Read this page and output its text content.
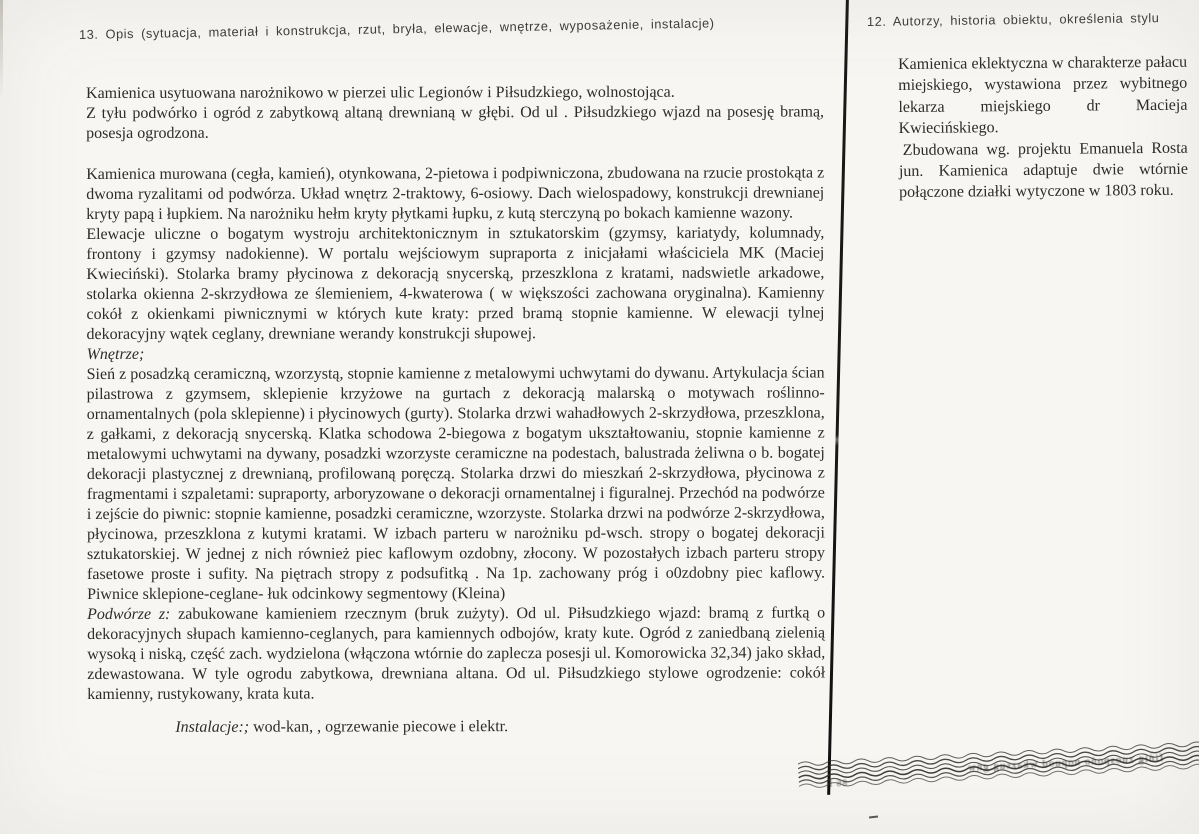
13. Opis (sytuacja, materiał i konstrukcja, rzut, bryła, elewacje, wnętrze, wyposażenie, instalacje)

Kamienica usytuowana narożnikowo w pierzei ulic Legionów i Piłsudzkiego, wolnostojąca.

Z tyłu podwórko i ogród z zabytkową altaną drewnianą w głębi. Od ul . Piłsudzkiego wjazd na posesję bramą, posesja ogrodzona.

Kamienica murowana (cegła, kamień), otynkowana, 2-pietowa i podpiwniczona, zbudowana na rzucie prostokąta z dwoma ryzalitami od podwórza. Układ wnętrz 2-traktowy, 6-osiowy. Dach wielospadowy, konstrukcji drewnianej kryty papą i łupkiem. Na narożniku hełm kryty płytkami łupku, z kutą sterczyną po bokach kamienne wazony.

Elewacje uliczne o bogatym wystroju architektonicznym in sztukatorskim (gzymsy, kariatydy, kolumnady, frontony i gzymsy nadokienne). W portalu wejściowym supraporta z inicjałami właściciela MK (Maciej Kwieciński). Stolarka bramy płycinowa z dekoracją snycerską, przeszklona z kratami, nadswietle arkadowe, stolarka okienna 2-skrzydłowa ze ślemieniem, 4-kwaterowa ( w większości zachowana oryginalna). Kamienny cokół z okienkami piwnicznymi w których kute kraty: przed bramą stopnie kamienne. W elewacji tylnej dekoracyjny wątek ceglany, drewniane werandy konstrukcji słupowej.

Wnętrze;

Sień z posadzką ceramiczną, wzorzystą, stopnie kamienne z metalowymi uchwytami do dywanu. Artykulacja ścian pilastrowa z gzymsem, sklepienie krzyżowe na gurtach z dekoracją malarską o motywach roślinno-ornamentalnych (pola sklepienne) i płycinowych (gurty). Stolarka drzwi wahadłowych 2-skrzydłowa, przeszklona, z gałkami, z dekoracją snycerską. Klatka schodowa 2-biegowa z bogatym ukształtowaniu, stopnie kamienne z metalowymi uchwytami na dywany, posadzki wzorzyste ceramiczne na podestach, balustrada żeliwna o b. bogatej dekoracji plastycznej z drewnianą, profilowaną poręczą. Stolarka drzwi do mieszkań 2-skrzydłowa, płycinowa z fragmentami i szpaletami: supraporty, arboryzowane o dekoracji ornamentalnej i figuralnej. Przechód na podwórze i zejście do piwnic: stopnie kamienne, posadzki ceramiczne, wzorzyste. Stolarka drzwi na podwórze 2-skrzydłowa, płycinowa, przeszklona z kutymi kratami. W izbach parteru w narożniku pd-wsch. stropy o bogatej dekoracji sztukatorskiej. W jednej z nich również piec kaflowym ozdobny, złocony. W pozostałych izbach parteru stropy fasetowe proste i sufity. Na piętrach stropy z podsufitką . Na 1p. zachowany próg i o0zdobny piec kaflowy. Piwnice sklepione-ceglane- łuk odcinkowy segmentowy (Kleina)

Podwórze z: zabukowane kamieniem rzecznym (bruk zużyty). Od ul. Piłsudzkiego wjazd: bramą z furtką o dekoracyjnych słupach kamienno-ceglanych, para kamiennych odbojów, kraty kute. Ogród z zaniedbaną zielenią wysoką i niską, część zach. wydzielona (włączona wtórnie do zaplecza posesji ul. Komorowicka 32,34) jako skład, zdewastowana. W tyle ogrodu zabytkowa, drewniana altana. Od ul. Piłsudzkiego stylowe ogrodzenie: cokół kamienny, rustykowany, krata kuta.

Instalacje:; wod-kan, , ogrzewanie piecowe i elektr.

12. Autorzy, historia obiektu, określenia stylu

Kamienica eklektyczna w charakterze pałacu miejskiego, wystawiona przez wybitnego lekarza miejskiego dr Macieja Kwiecińskiego.

Zbudowana wg. projektu Emanuela Rosta jun. Kamienica adaptuje dwie wtórnie połączone działki wytyczone w 1803 roku.

fińig zuospońo nopuod wkazsug gńw
86 R
